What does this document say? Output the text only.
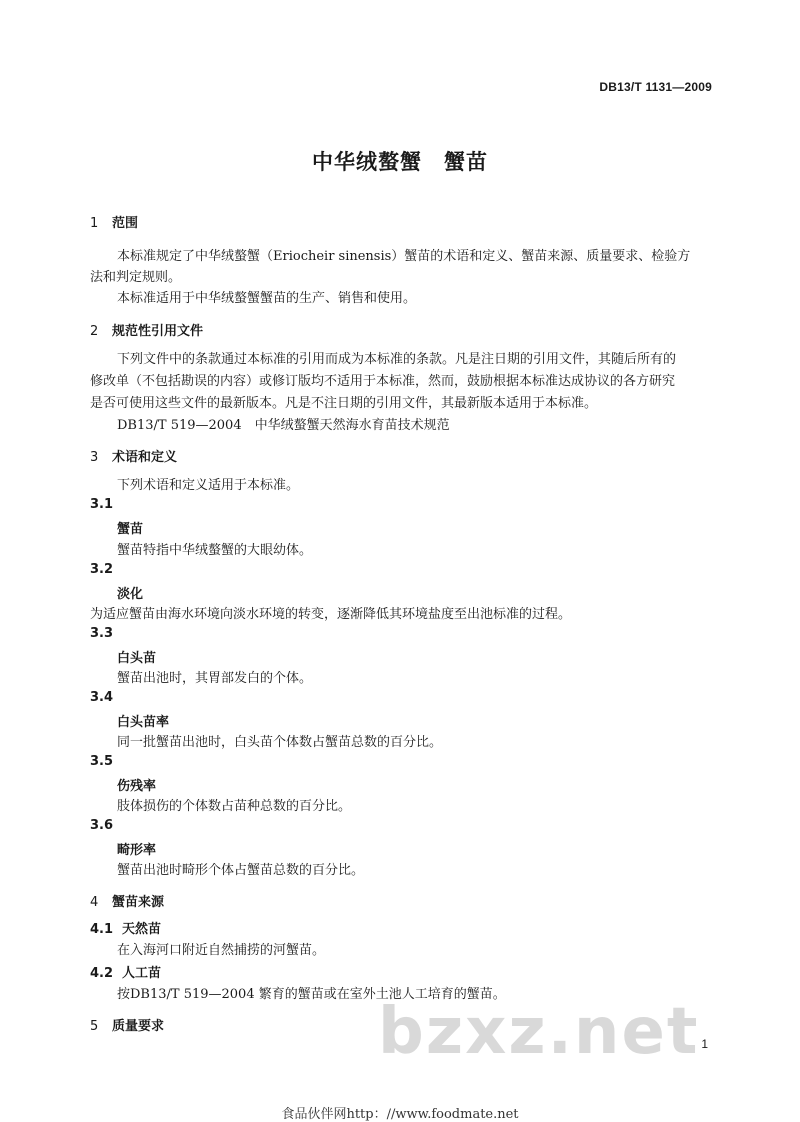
DB13/T 1131—2009
中华绒螯蟹　蟹苗
1 范围
本标准规定了中华绒螯蟹（Eriocheir sinensis）蟹苗的术语和定义、蟹苗来源、质量要求、检验方
法和判定规则。
本标准适用于中华绒螯蟹蟹苗的生产、销售和使用。
2 规范性引用文件
下列文件中的条款通过本标准的引用而成为本标准的条款。凡是注日期的引用文件，其随后所有的
修改单（不包括勘误的内容）或修订版均不适用于本标准，然而，鼓励根据本标准达成协议的各方研究
是否可使用这些文件的最新版本。凡是不注日期的引用文件，其最新版本适用于本标准。
DB13/T 519—2004　中华绒螯蟹天然海水育苗技术规范
3 术语和定义
下列术语和定义适用于本标准。
3.1
蟹苗
蟹苗特指中华绒螯蟹的大眼幼体。
3.2
淡化
为适应蟹苗由海水环境向淡水环境的转变，逐渐降低其环境盐度至出池标准的过程。
3.3
白头苗
蟹苗出池时，其胃部发白的个体。
3.4
白头苗率
同一批蟹苗出池时，白头苗个体数占蟹苗总数的百分比。
3.5
伤残率
肢体损伤的个体数占苗种总数的百分比。
3.6
畸形率
蟹苗出池时畸形个体占蟹苗总数的百分比。
4 蟹苗来源
4.1 天然苗
在入海河口附近自然捕捞的河蟹苗。
4.2 人工苗
按DB13/T 519—2004 繁育的蟹苗或在室外土池人工培育的蟹苗。
bzxz.net
5 质量要求
1
食品伙伴网http：//www.foodmate.net
